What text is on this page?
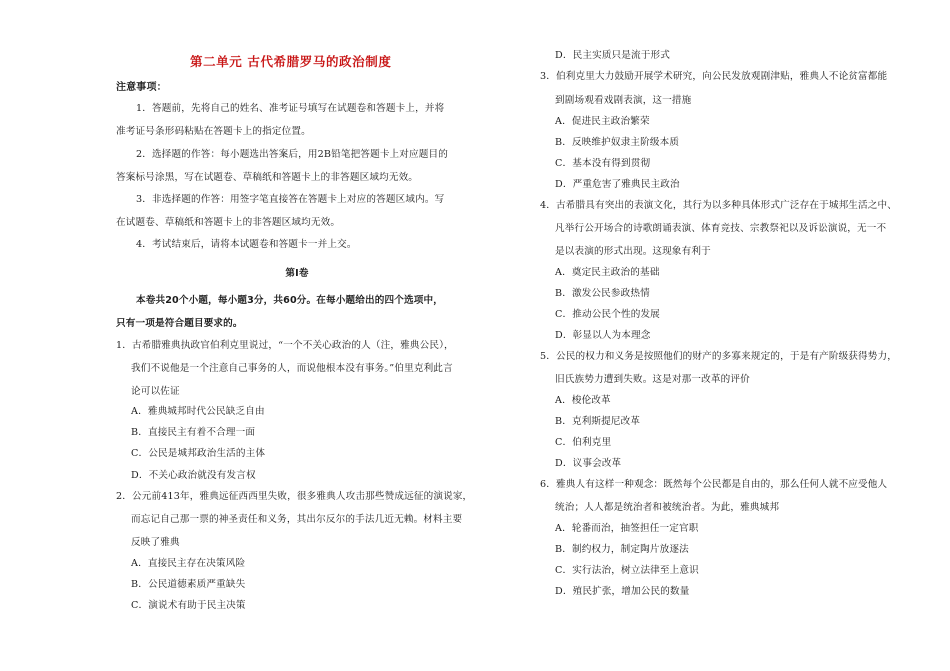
第二单元 古代希腊罗马的政治制度
注意事项：
1．答题前，先将自己的姓名、准考证号填写在试题卷和答题卡上，并将
准考证号条形码粘贴在答题卡上的指定位置。
2．选择题的作答：每小题选出答案后，用2B铅笔把答题卡上对应题目的
答案标号涂黑，写在试题卷、草稿纸和答题卡上的非答题区域均无效。
3．非选择题的作答：用签字笔直接答在答题卡上对应的答题区域内。写
在试题卷、草稿纸和答题卡上的非答题区域均无效。
4．考试结束后，请将本试题卷和答题卡一并上交。
第Ⅰ卷
本卷共20个小题，每小题3分，共60分。在每小题给出的四个选项中，
只有一项是符合题目要求的。
1．古希腊雅典执政官伯利克里说过，“一个不关心政治的人（注，雅典公民），
我们不说他是一个注意自己事务的人，而说他根本没有事务。”伯里克利此言
论可以佐证
A．雅典城邦时代公民缺乏自由
B．直接民主有着不合理一面
C．公民是城邦政治生活的主体
D．不关心政治就没有发言权
2．公元前413年，雅典远征西西里失败，很多雅典人攻击那些赞成远征的演说家，
而忘记自己那一票的神圣责任和义务，其出尔反尔的手法几近无赖。材料主要
反映了雅典
A．直接民主存在决策风险
B．公民道德素质严重缺失
C．演说术有助于民主决策
D．民主实质只是流于形式
3．伯利克里大力鼓励开展学术研究，向公民发放观剧津贴，雅典人不论贫富都能
到剧场观看戏剧表演，这一措施
A．促进民主政治繁荣
B．反映维护奴隶主阶级本质
C．基本没有得到贯彻
D．严重危害了雅典民主政治
4．古希腊具有突出的表演文化，其行为以多种具体形式广泛存在于城邦生活之中、
凡举行公开场合的诗歌朗诵表演、体育竞技、宗教祭祀以及诉讼演说，无一不
是以表演的形式出现。这现象有利于
A．奠定民主政治的基础
B．激发公民参政热情
C．推动公民个性的发展
D．彰显以人为本理念
5．公民的权力和义务是按照他们的财产的多寡来规定的，于是有产阶级获得势力，
旧氏族势力遭到失败。这是对那一改革的评价
A．梭伦改革
B．克利斯提尼改革
C．伯利克里
D．议事会改革
6．雅典人有这样一种观念：既然每个公民都是自由的，那么任何人就不应受他人
统治；人人都是统治者和被统治者。为此，雅典城邦
A．轮番而治，抽签担任一定官职
B．制约权力，制定陶片放逐法
C．实行法治，树立法律至上意识
D．殖民扩张，增加公民的数量
